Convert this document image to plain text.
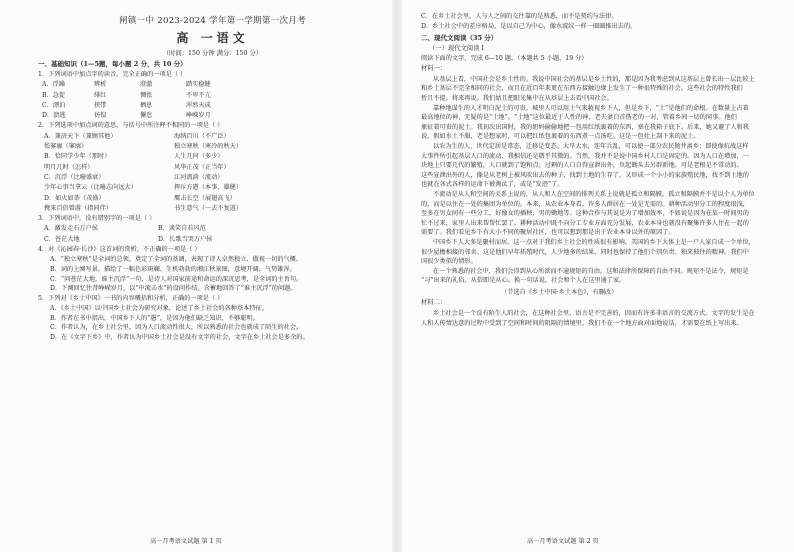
闸镇一中 2023-2024 学年第一学期第一次月考
高 一语文
（时间：150 分钟 满分：150 分）
一、基础知识（1—5题，每小题 2 分，共 10 分）
1．下列词语中加点字的读音，完全正确的一项是（ ）
A．浮躁	辨析	澄澈	踏实稳健
B．急促	绯红	惆怅	不卑不亢
C．漂泊	挟带	栖息	浑然天成
D．溃逃	彷徨	懈怠	峥嵘岁月
2．下列选项中加点词的意思，与括号中所注释不相同的一项是（ ）
A．兼济天下（兼顾其他）	海纳百川（不广泛）
怅寥廓（寥廓）	独立寒秋（寒冷的秋天）
B．恰同学少年（那时）	人生几何（多少）
明月几时（怎样）	风华正茂（正当年）
C．沉浮（比喻盛衰）	江河流淌（流动）
少年心事当拿云（比喻志向远大）	挥斥方遒（本事、雄健）
D．如火如荼（茂盛）	鹰击长空（展翅高飞）
携来百侣曾游（指同伴）	书生意气（一去不复返）
3．下列词语中，没有错别字的一项是（ ）
A．激发走石万户侯	B．谈笑自若风范
C．苍茫大地	D．长歌当哭万户侯
4．对《沁园春·长沙》这首词的赏析，不正确的一项是（ ）
A．“独立寒秋”是全词的总领，奠定了全词的基调，表现了诗人卓然独立、傲视一切的气概。
B．词的上阕写景，描绘了一幅色彩斑斓、生机勃勃的湘江秋景图，意境开阔，气势雄浑。
C．“问苍茫大地，谁主沉浮”一句，是诗人对国家前途和命运的深沉思考，是全词的主旨句。
D．下阕回忆往昔峥嵘岁月，以“中流击水”的设问作结，含蓄地回答了“谁主沉浮”的问题。
5．下列对《乡土中国》一书的内容概括和分析，正确的一项是（ ）
A．《乡土中国》以中国乡土社会为研究对象，论述了乡土社会的各种基本特征。
B．作者在书中指出，中国乡下人的“愚”，是因为他们缺乏知识，不够聪明。
C．作者认为，在乡土社会里，因为人口流动性很大，所以熟悉的社会也就成了陌生的社会。
D．在《文字下乡》中，作者认为中国乡土社会是没有文字的社会，文字在乡土社会是多余的。
高一月考语文试题 第 1 页
C．在乡土社会里，人与人之间的交往靠的是熟悉，而不是契约与法律。
D．乡土社会中的差序格局，是以自己为中心，像水波纹一样一圈圈推出去的。
二、现代文阅读（35 分）
（一）现代文阅读 I
阅读下面的文字，完成 6—10 题。（本题共 5 小题，19 分）
材料一：
从基层上看，中国社会是乡土性的。我说中国社会的基层是乡土性的，那是因为我考虑到从这基层上曾长出一层比较上
和乡土基层不完全相同的社会，而且在近百年来更在东西方接触边缘上发生了一种很特殊的社会。这些社会的特性我们
暂且不提，将来再说。我们姑且把眼光集中在从基层上去看中国社会。
靠种地谋生的人才明白泥土的可贵。城里人可以用土气来藐视乡下人，但是乡下，“土”是他们的命根。在数量上占着
最高地位的神，无疑的是“土地”。“土地”这位最近于人性的神，老夫妻白首偕老的一对，管着乡间一切的闲事。他们
象征着可贵的泥土。我初次出国时，我的奶妈偷偷地把一包用红纸裹着的东西，塞在我箱子底下。后来，她又避了人和我
说，假如水土不服，老是想家时，可以把红纸包裹着的东西煮一点汤吃。这是一包灶上刮下来的泥土。
以农为生的人，世代定居是常态，迁移是变态。大旱大水，连年兵乱，可以使一部分农民抛井离乡；即使像抗战这样
大事件所引起基层人口的流动，我相信还是微乎其微的。当然，我并不是说中国乡村人口是固定的。因为人口在增加，一
块地上只要几代的繁殖，人口就到了饱和点；过剩的人口自得宣泄出外，负起锄头去另辟新地。可是老根是不常动的。
这些宣泄出外的人，像是从老树上被风吹出去的种子，找到土地的生存了，又形成一个小小的家族殖民地，找不到土地的
也就在各式各样的运命下被淘汰了，或是“发迹”了。
不流动是从人和空间的关系上说的，从人和人在空间的排列关系上说就是孤立和隔膜。孤立和隔膜并不是以个人为单位
的，而是以住在一处的集团为单位的。本来，从农业本身看，许多人群居在一处是无需的。耕种活动里分工的程度很浅，
至多在男女间有一些分工，好像女的插秧，男的锄地等。这种合作与其说是为了增加效率，不如说是因为在某一时间男的
忙不过来，家里人出来帮帮忙罢了。耕种活动中既不向分工专业方面充分发展，农业本身也就没有聚集许多人住在一起的
需要了。我们看见乡下有大小不同的聚居社区，也可以想到那是出于农业本身以外的原因了。
中国乡下人大多是聚村而居。这一点对于我们乡土社会的性质很有影响。美国的乡下大体上是一户人家自成一个单位，
很少屋檐相接的邻舍。这是他们早年拓殖时代，人少地多的结果，同时也保持了他们个别负责、独来独往的精神。我们中
国很少类似的情形。
在一个熟悉的社会中，我们会得到从心所欲而不逾规矩的自由。这和法律所保障的自由不同。规矩不是法令，规矩是
“习”出来的礼俗。从俗即是从心。换一句话说，社会和个人在这里通了家。
（节选自《乡土中国·乡土本色》，有删改）
材料二：
乡土社会是一个没有陌生人的社会，在这种社会里，语言是不完善的，因而有许多非语言的交流方式。文字的发生是在
人和人传情达意的过程中受到了空间和时间的阻隔的情境里。我们不在一个地方面对面地说话，才需要在纸上写出来。
高一月考语文试题 第 2 页
